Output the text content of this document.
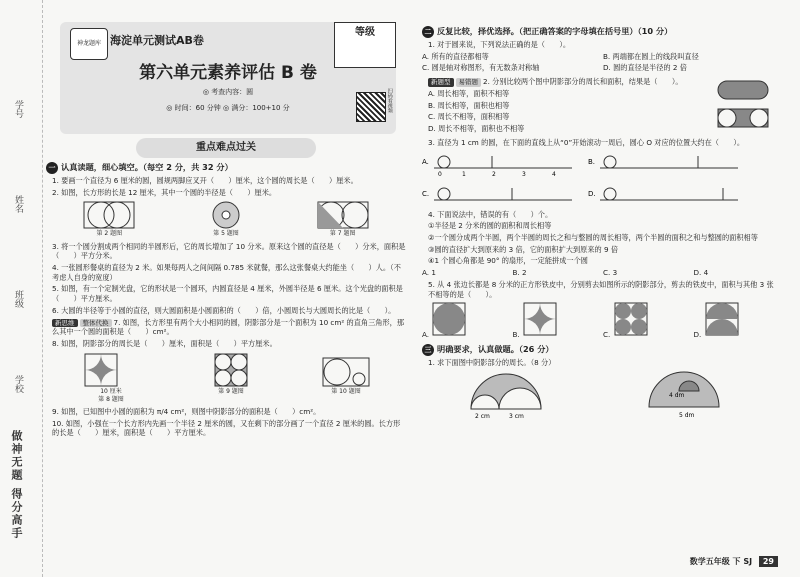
学号
姓名
班级
学校
做神无题 得分高手
神龙题库 海淀单元测试AB卷
等级
第六单元素养评估 B 卷
◎ 考查内容：圆
◎ 时间：60 分钟 ◎ 满分：100+10 分	扫码看视频
重点难点过关
一 认真读题，细心填空。（每空 2 分，共 32 分）
1. 要画一个直径为 6 厘米的圆，圆规两脚应叉开（　　）厘米，这个圆的周长是（　　）厘米。
2. 如图，长方形的长是 12 厘米，其中一个圆的半径是（　　）厘米。
第 2 题图	第 5 题图	第 7 题图
3. 将一个圆分割成两个相同的半圆形后，它的周长增加了 10 分米。原来这个圆的直径是（　　）分米，面积是（　　）平方分米。
4. 一张圆形餐桌的直径为 2 米。如果每两人之间间隔 0.785 米就餐，那么这张餐桌大约能坐（　　）人。（不考虑人自身的宽度）
5. 如图，有一个定制光盘，它的形状是一个圆环，内圆直径是 4 厘米，外圆半径是 6 厘米。这个光盘的面积是（　　）平方厘米。
6. 大圆的半径等于小圆的直径，则大圆面积是小圆面积的（　　）倍，小圆周长与大圆周长的比是（　　）。
新思维 整体代换 7. 如图，长方形里有两个大小相同的圆，阴影部分是一个面积为 10 cm² 的直角三角形，那么其中一个圆的面积是（　　）cm²。
8. 如图，阴影部分的周长是（　　）厘米，面积是（　　）平方厘米。
10 厘米
第 8 题图
第 9 题图	第 10 题图
9. 如图，已知图中小圆的面积为 π/4 cm²，则图中阴影部分的面积是（　　）cm²。
10. 如图，小强在一个长方形内先画一个半径 2 厘米的圆，又在剩下的部分画了一个直径 2 厘米的圆。长方形的长是（　　）厘米，面积是（　　）平方厘米。
二 反复比较，择优选择。（把正确答案的字母填在括号里）（10 分）
1. 对于圆来说，下列说法正确的是（　　）。
A. 所有的直径都相等	B. 两端都在圆上的线段叫直径
C. 圆是轴对称图形，有无数条对称轴	D. 圆的直径是半径的 2 倍
新题型 易错题 2. 分别比较两个图中阴影部分的周长和面积，结果是（　　）。
A. 周长相等，面积不相等
B. 周长相等，面积也相等
C. 周长不相等，面积相等
D. 周长不相等，面积也不相等
3. 直径为 1 cm 的圆，在下面的直线上从“0”开始滚动一周后，圆心 O 对应的位置大约在（　　）。
A.
0	1	2	3	4
B.
C.	D.
4. 下面说法中，错误的有（　　）个。
①半径是 2 分米的圆的面积和周长相等
②一个圆分成两个半圆，两个半圆的周长之和与整圆的周长相等，两个半圆的面积之和与整圆的面积相等
③圆的直径扩大到原来的 3 倍，它的面积扩大到原来的 9 倍
④1 个圆心角都是 90° 的扇形，一定能拼成一个圆
A. 1	B. 2	C. 3	D. 4
5. 从 4 张边长都是 8 分米的正方形铁皮中，分别剪去如图所示的阴影部分，剪去的铁皮中，面积与其他 3 张不相等的是（　　）。
A.	B.	C.	D.
三 明确要求，认真做题。（26 分）
1. 求下面图中阴影部分的周长。（8 分）
2 cm	3 cm
4 dm
5 dm
数学五年级 下 SJ 29
